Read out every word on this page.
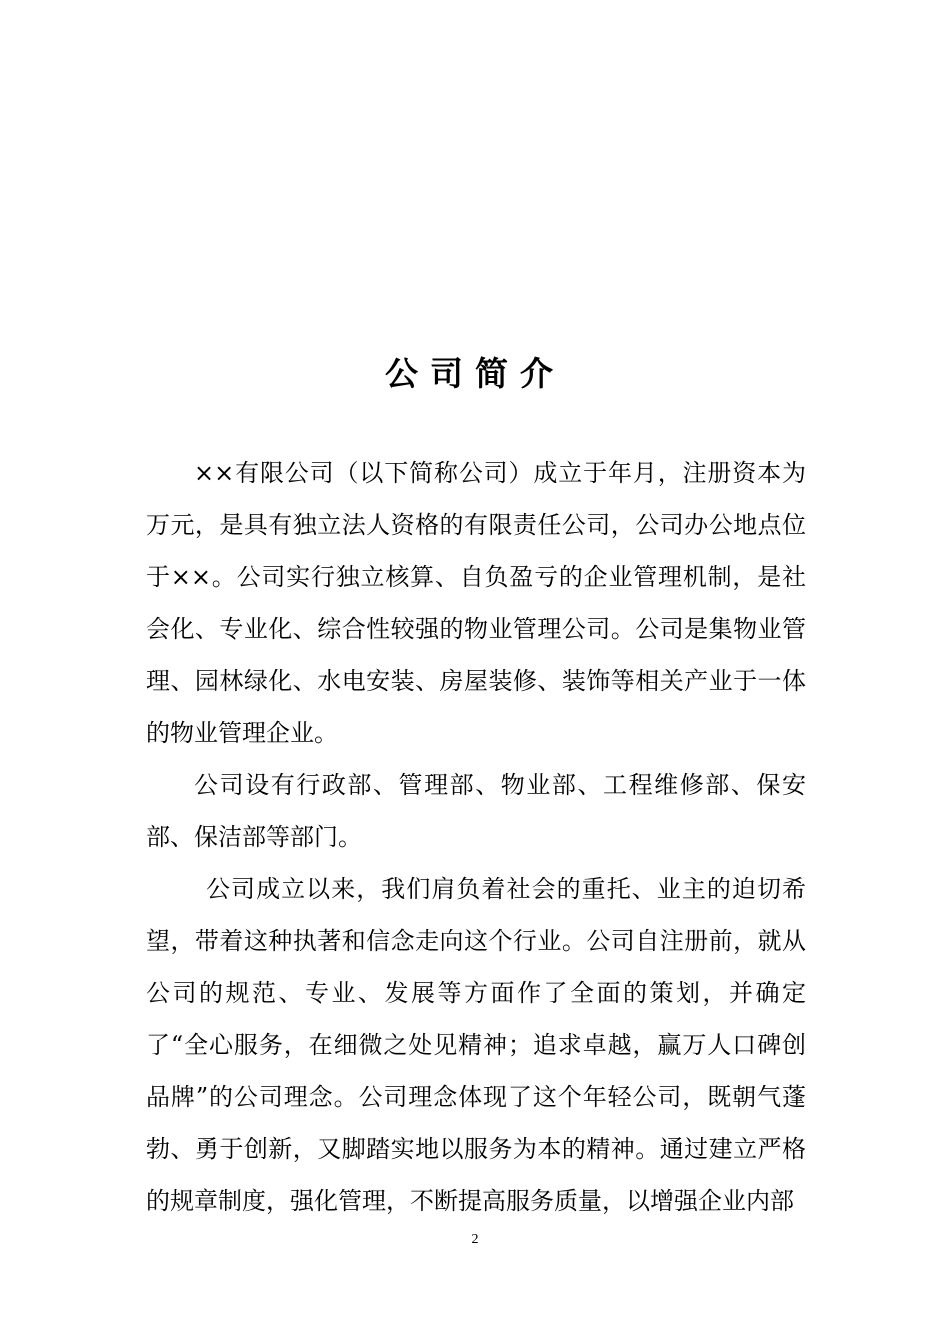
公司简介

××有限公司（以下简称公司）成立于年月，注册资本为万元，是具有独立法人资格的有限责任公司，公司办公地点位于××。公司实行独立核算、自负盈亏的企业管理机制，是社会化、专业化、综合性较强的物业管理公司。公司是集物业管理、园林绿化、水电安装、房屋装修、装饰等相关产业于一体的物业管理企业。

公司设有行政部、管理部、物业部、工程维修部、保安部、保洁部等部门。

公司成立以来，我们肩负着社会的重托、业主的迫切希望，带着这种执著和信念走向这个行业。公司自注册前，就从公司的规范、专业、发展等方面作了全面的策划，并确定了“全心服务，在细微之处见精神；追求卓越，赢万人口碑创品牌”的公司理念。公司理念体现了这个年轻公司，既朝气蓬勃、勇于创新，又脚踏实地以服务为本的精神。通过建立严格的规章制度，强化管理，不断提高服务质量，以增强企业内部

2
